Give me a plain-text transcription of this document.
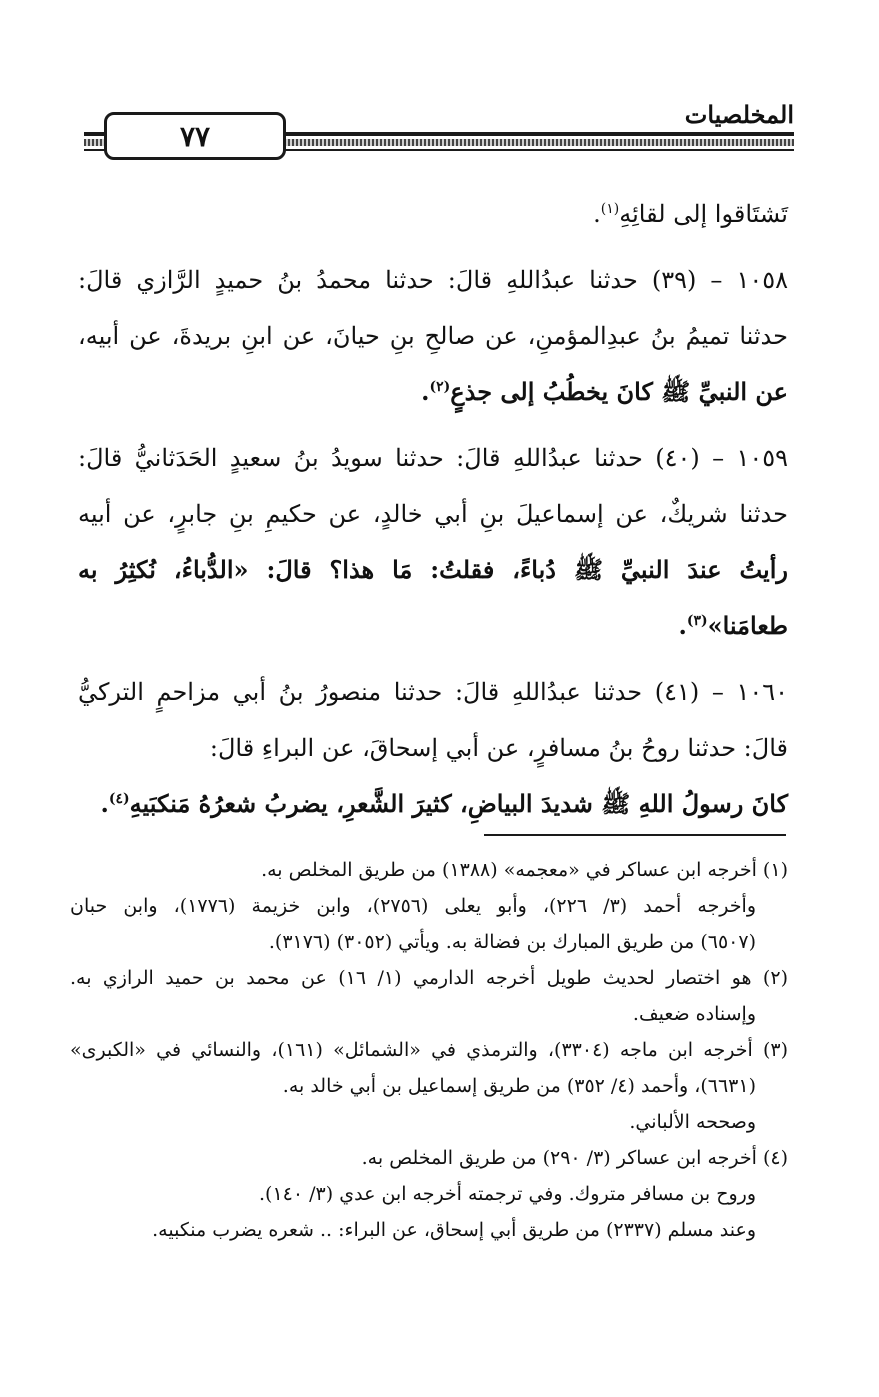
٧٧
المخلصيات
تَشتَاقوا إلى لقائِهِ$^{(١)}$.
١٠٥٨ – (٣٩) حدثنا عبدُاللهِ قالَ: حدثنا محمدُ بنُ حميدٍ الرَّازي قالَ:
حدثنا تميمُ بنُ عبدِالمؤمنِ، عن صالحِ بنِ حيانَ، عن ابنِ بريدةَ، عن أبيه،
عن النبيِّ ﷺ كانَ يخطُبُ إلى جذعٍ$^{(٢)}$.
١٠٥٩ – (٤٠) حدثنا عبدُاللهِ قالَ: حدثنا سويدُ بنُ سعيدٍ الحَدَثانيُّ قالَ:
حدثنا شريكٌ، عن إسماعيلَ بنِ أبي خالدٍ، عن حكيمِ بنِ جابرٍ، عن أبيه
رأيتُ عندَ النبيِّ ﷺ دُباءً، فقلتُ: مَا هذا؟ قالَ: «الدُّباءُ، نُكثِرُ به
طعامَنا»$^{(٣)}$.
١٠٦٠ – (٤١) حدثنا عبدُاللهِ قالَ: حدثنا منصورُ بنُ أبي مزاحمٍ التركيُّ
قالَ: حدثنا روحُ بنُ مسافرٍ، عن أبي إسحاقَ، عن البراءِ قالَ:
كانَ رسولُ اللهِ ﷺ شديدَ البياضِ، كثيرَ الشَّعرِ، يضربُ شعرُهُ مَنكبَيهِ$^{(٤)}$.
(١) أخرجه ابن عساكر في «معجمه» (١٣٨٨) من طريق المخلص به.
وأخرجه أحمد (٣/ ٢٢٦)، وأبو يعلى (٢٧٥٦)، وابن خزيمة (١٧٧٦)، وابن حبان
(٦٥٠٧) من طريق المبارك بن فضالة به. ويأتي (٣٠٥٢) (٣١٧٦).
(٢) هو اختصار لحديث طويل أخرجه الدارمي (١/ ١٦) عن محمد بن حميد الرازي به.
وإسناده ضعيف.
(٣) أخرجه ابن ماجه (٣٣٠٤)، والترمذي في «الشمائل» (١٦١)، والنسائي في «الكبرى»
(٦٦٣١)، وأحمد (٤/ ٣٥٢) من طريق إسماعيل بن أبي خالد به.
وصححه الألباني.
(٤) أخرجه ابن عساكر (٣/ ٢٩٠) من طريق المخلص به.
وروح بن مسافر متروك. وفي ترجمته أخرجه ابن عدي (٣/ ١٤٠).
وعند مسلم (٢٣٣٧) من طريق أبي إسحاق، عن البراء: .. شعره يضرب منكبيه.
